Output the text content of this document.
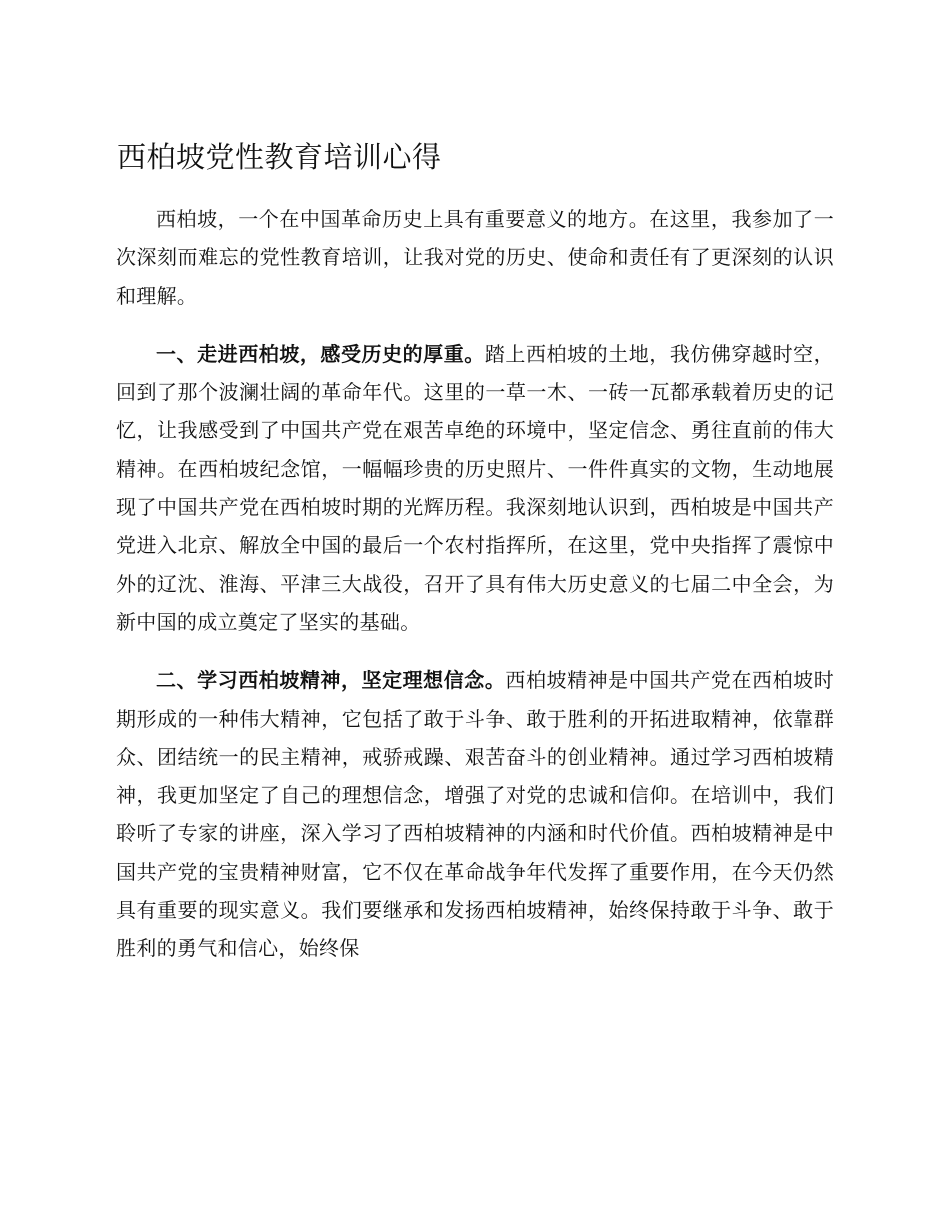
西柏坡党性教育培训心得

西柏坡，一个在中国革命历史上具有重要意义的地方。在这里，我参加了一次深刻而难忘的党性教育培训，让我对党的历史、使命和责任有了更深刻的认识和理解。

一、走进西柏坡，感受历史的厚重。踏上西柏坡的土地，我仿佛穿越时空，回到了那个波澜壮阔的革命年代。这里的一草一木、一砖一瓦都承载着历史的记忆，让我感受到了中国共产党在艰苦卓绝的环境中，坚定信念、勇往直前的伟大精神。在西柏坡纪念馆，一幅幅珍贵的历史照片、一件件真实的文物，生动地展现了中国共产党在西柏坡时期的光辉历程。我深刻地认识到，西柏坡是中国共产党进入北京、解放全中国的最后一个农村指挥所，在这里，党中央指挥了震惊中外的辽沈、淮海、平津三大战役，召开了具有伟大历史意义的七届二中全会，为新中国的成立奠定了坚实的基础。

二、学习西柏坡精神，坚定理想信念。西柏坡精神是中国共产党在西柏坡时期形成的一种伟大精神，它包括了敢于斗争、敢于胜利的开拓进取精神，依靠群众、团结统一的民主精神，戒骄戒躁、艰苦奋斗的创业精神。通过学习西柏坡精神，我更加坚定了自己的理想信念，增强了对党的忠诚和信仰。在培训中，我们聆听了专家的讲座，深入学习了西柏坡精神的内涵和时代价值。西柏坡精神是中国共产党的宝贵精神财富，它不仅在革命战争年代发挥了重要作用，在今天仍然具有重要的现实意义。我们要继承和发扬西柏坡精神，始终保持敢于斗争、敢于胜利的勇气和信心，始终保
